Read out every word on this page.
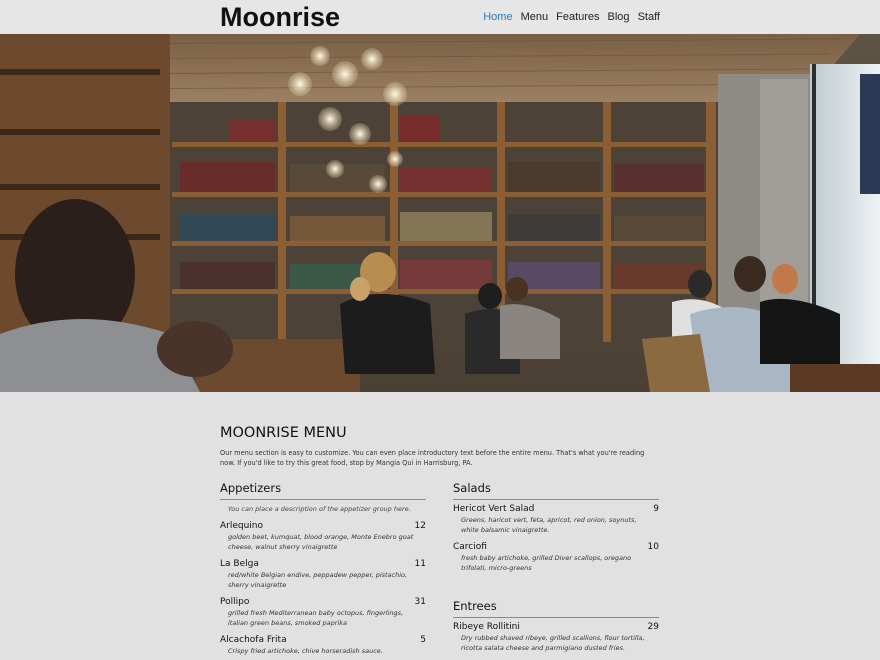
Moonrise	Home Menu Features Blog Staff
MOONRISE MENU
Our menu section is easy to customize. You can even place introductory text before the entire menu. That's what you're reading now. If you'd like to try this great food, stop by Mangia Qui in Harrisburg, PA.
Appetizers
You can place a description of the appetizer group here.
Arlequino	12
golden beet, kumquat, blood orange, Monte Enebro goat cheese, walnut sherry vinaigrette
La Belga	11
red/white Belgian endive, peppadew pepper, pistachio, sherry vinaigrette
Pollipo	31
grilled fresh Mediterranean baby octopus, fingerlings, italian green beans, smoked paprika
Alcachofa Frita	5
Crispy fried artichoke, chive horseradish sauce.
Salads
Hericot Vert Salad	9
Greens, haricot vert, feta, apricot, red onion, soynuts, white balsamic vinaigrette.
Carciofi	10
fresh baby artichoke, grilled Diver scallops, oregano trifolati, micro-greens
Entrees
Ribeye Rollitini	29
Dry rubbed shaved ribeye, grilled scallions, flour tortilla, ricotta salata cheese and parmigiano dusted fries.
